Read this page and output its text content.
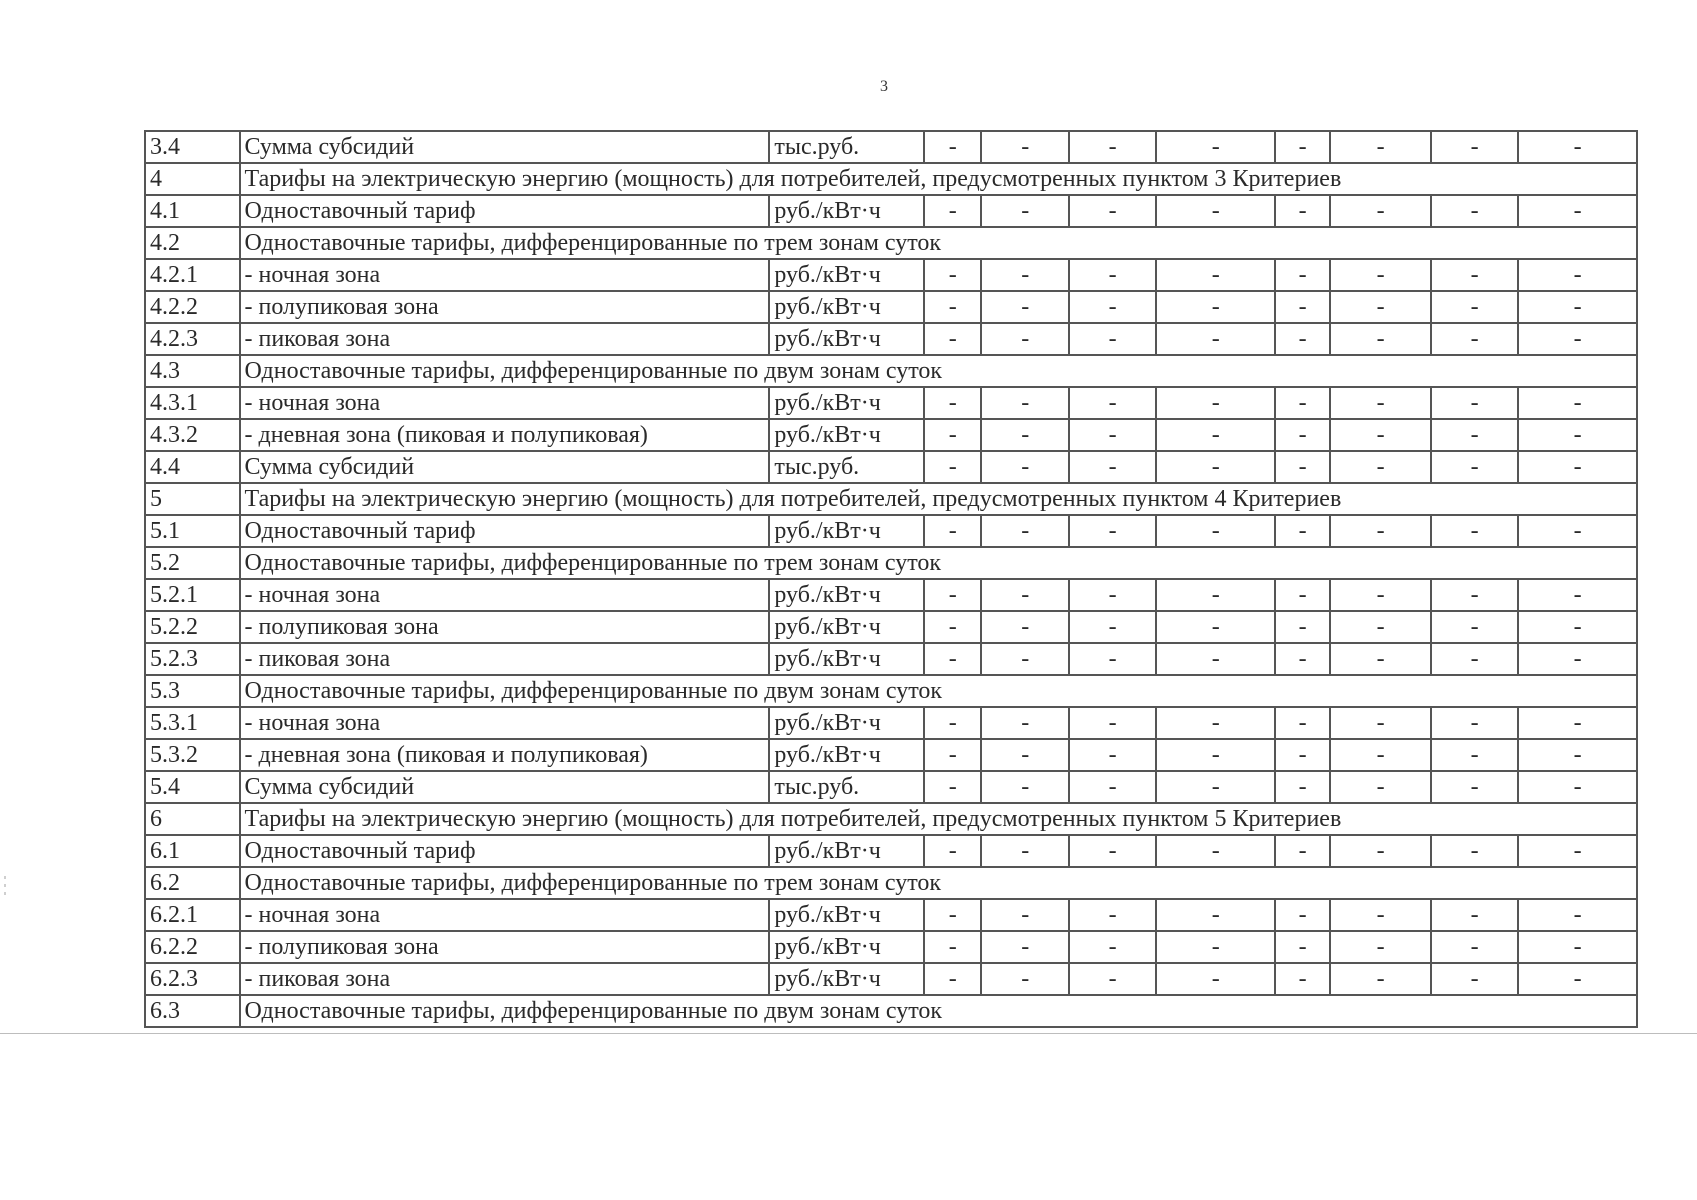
3
3.4	Сумма субсидий	тыс.руб.	-	-	-	-	-	-	-	-
4	Тарифы на электрическую энергию (мощность) для потребителей, предусмотренных пунктом 3 Критериев									
4.1	Одноставочный тариф	руб./кВт·ч	-	-	-	-	-	-	-	-
4.2	Одноставочные тарифы, дифференцированные по трем зонам суток									
4.2.1	- ночная зона	руб./кВт·ч	-	-	-	-	-	-	-	-
4.2.2	- полупиковая зона	руб./кВт·ч	-	-	-	-	-	-	-	-
4.2.3	- пиковая зона	руб./кВт·ч	-	-	-	-	-	-	-	-
4.3	Одноставочные тарифы, дифференцированные по двум зонам суток									
4.3.1	- ночная зона	руб./кВт·ч	-	-	-	-	-	-	-	-
4.3.2	- дневная зона (пиковая и полупиковая)	руб./кВт·ч	-	-	-	-	-	-	-	-
4.4	Сумма субсидий	тыс.руб.	-	-	-	-	-	-	-	-
5	Тарифы на электрическую энергию (мощность) для потребителей, предусмотренных пунктом 4 Критериев									
5.1	Одноставочный тариф	руб./кВт·ч	-	-	-	-	-	-	-	-
5.2	Одноставочные тарифы, дифференцированные по трем зонам суток									
5.2.1	- ночная зона	руб./кВт·ч	-	-	-	-	-	-	-	-
5.2.2	- полупиковая зона	руб./кВт·ч	-	-	-	-	-	-	-	-
5.2.3	- пиковая зона	руб./кВт·ч	-	-	-	-	-	-	-	-
5.3	Одноставочные тарифы, дифференцированные по двум зонам суток									
5.3.1	- ночная зона	руб./кВт·ч	-	-	-	-	-	-	-	-
5.3.2	- дневная зона (пиковая и полупиковая)	руб./кВт·ч	-	-	-	-	-	-	-	-
5.4	Сумма субсидий	тыс.руб.	-	-	-	-	-	-	-	-
6	Тарифы на электрическую энергию (мощность) для потребителей, предусмотренных пунктом 5 Критериев									
6.1	Одноставочный тариф	руб./кВт·ч	-	-	-	-	-	-	-	-
6.2	Одноставочные тарифы, дифференцированные по трем зонам суток									
6.2.1	- ночная зона	руб./кВт·ч	-	-	-	-	-	-	-	-
6.2.2	- полупиковая зона	руб./кВт·ч	-	-	-	-	-	-	-	-
6.2.3	- пиковая зона	руб./кВт·ч	-	-	-	-	-	-	-	-
6.3	Одноставочные тарифы, дифференцированные по двум зонам суток									
